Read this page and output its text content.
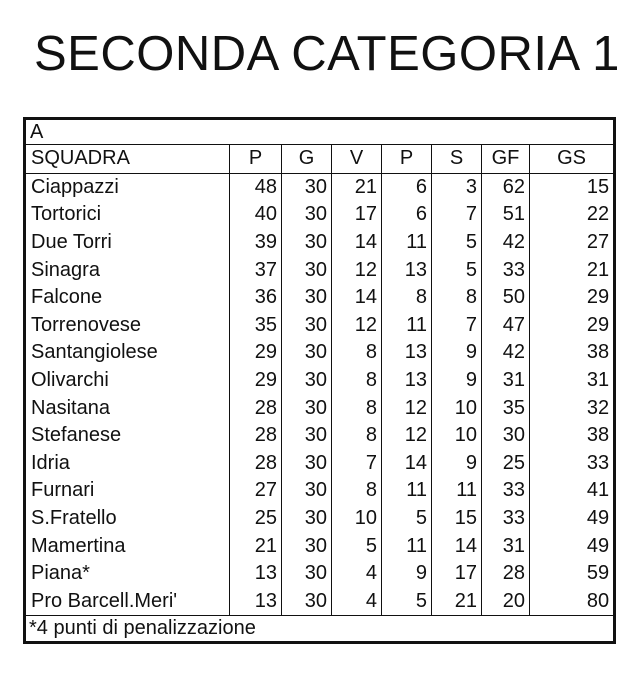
SECONDA CATEGORIA 1
A							
SQUADRA	P	G	V	P	S	GF	GS
Ciappazzi	48	30	21	6	3	62	15
Tortorici	40	30	17	6	7	51	22
Due Torri	39	30	14	11	5	42	27
Sinagra	37	30	12	13	5	33	21
Falcone	36	30	14	8	8	50	29
Torrenovese	35	30	12	11	7	47	29
Santangiolese	29	30	8	13	9	42	38
Olivarchi	29	30	8	13	9	31	31
Nasitana	28	30	8	12	10	35	32
Stefanese	28	30	8	12	10	30	38
Idria	28	30	7	14	9	25	33
Furnari	27	30	8	11	11	33	41
S.Fratello	25	30	10	5	15	33	49
Mamertina	21	30	5	11	14	31	49
Piana*	13	30	4	9	17	28	59
Pro Barcell.Meri'	13	30	4	5	21	20	80
*4 punti di penalizzazione							
